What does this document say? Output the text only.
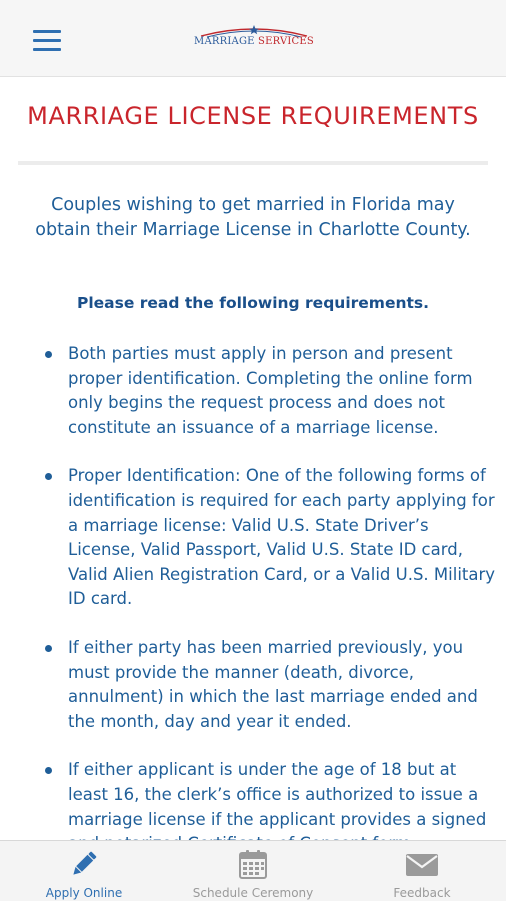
MARRIAGE SERVICES
MARRIAGE LICENSE REQUIREMENTS
Couples wishing to get married in Florida may obtain their Marriage License in Charlotte County.
Please read the following requirements.
Both parties must apply in person and present proper identification. Completing the online form only begins the request process and does not constitute an issuance of a marriage license.
Proper Identification: One of the following forms of identification is required for each party applying for a marriage license: Valid U.S. State Driver’s License, Valid Passport, Valid U.S. State ID card, Valid Alien Registration Card, or a Valid U.S. Military ID card.
If either party has been married previously, you must provide the manner (death, divorce, annulment) in which the last marriage ended and the month, day and year it ended.
If either applicant is under the age of 18 but at least 16, the clerk’s office is authorized to issue a marriage license if the applicant provides a signed
Apply Online	Schedule Ceremony	Feedback
